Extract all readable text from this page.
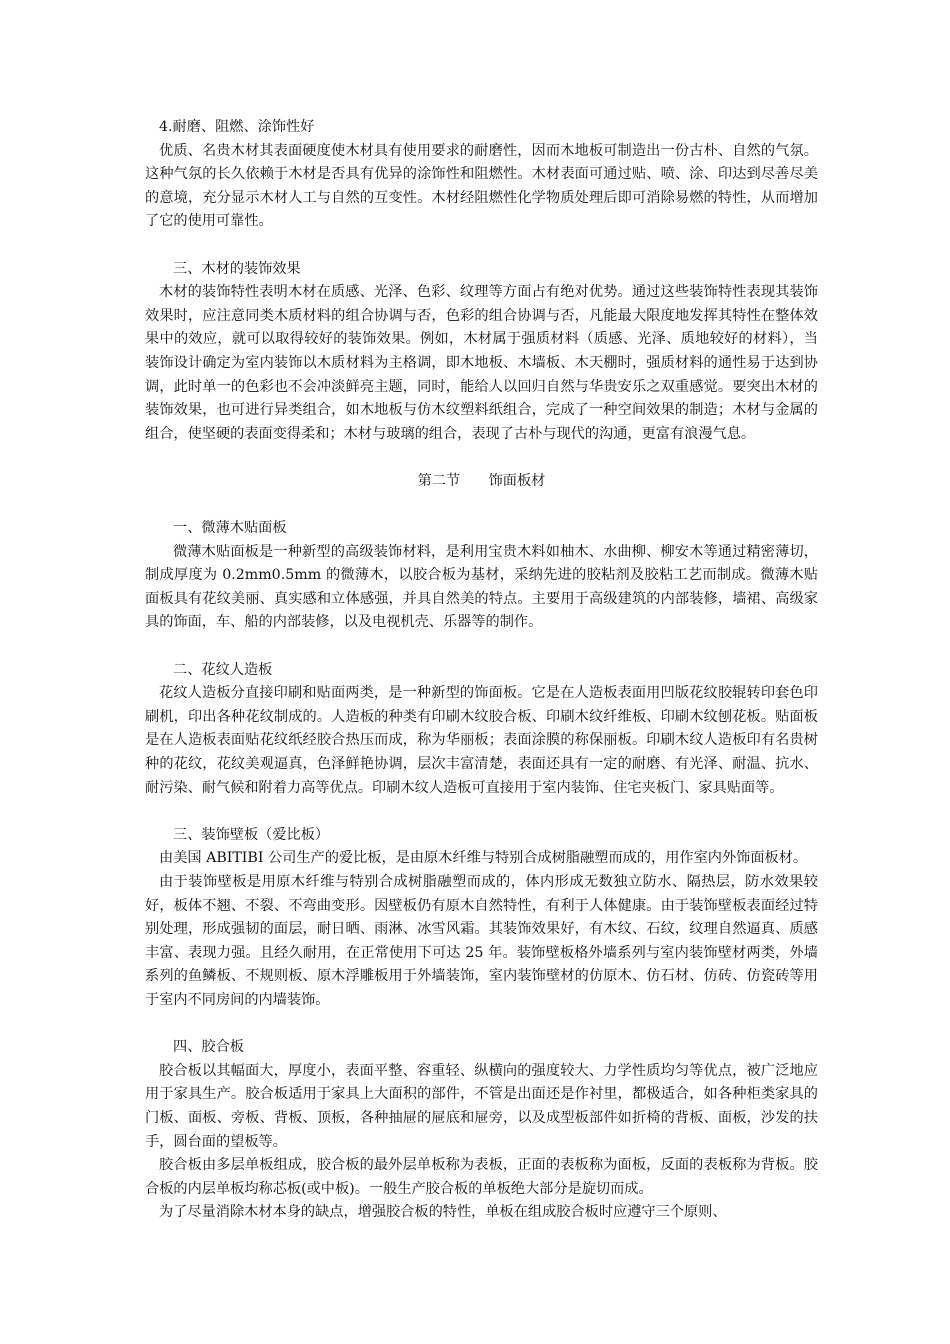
4.耐磨、阻燃、涂饰性好
优质、名贵木材其表面硬度使木材具有使用要求的耐磨性，因而木地板可制造出一份古朴、自然的气氛。这种气氛的长久依赖于木材是否具有优异的涂饰性和阻燃性。木材表面可通过贴、喷、涂、印达到尽善尽美的意境，充分显示木材人工与自然的互变性。木材经阻燃性化学物质处理后即可消除易燃的特性，从而增加了它的使用可靠性。
三、木材的装饰效果
木材的装饰特性表明木材在质感、光泽、色彩、纹理等方面占有绝对优势。通过这些装饰特性表现其装饰效果时，应注意同类木质材料的组合协调与否，色彩的组合协调与否，凡能最大限度地发挥其特性在整体效果中的效应，就可以取得较好的装饰效果。例如，木材属于强质材料（质感、光泽、质地较好的材料），当装饰设计确定为室内装饰以木质材料为主格调，即木地板、木墙板、木天棚时，强质材料的通性易于达到协调，此时单一的色彩也不会冲淡鲜亮主题，同时，能给人以回归自然与华贵安乐之双重感觉。要突出木材的装饰效果，也可进行异类组合，如木地板与仿木纹塑料纸组合，完成了一种空间效果的制造；木材与金属的组合，使坚硬的表面变得柔和；木材与玻璃的组合，表现了古朴与现代的沟通，更富有浪漫气息。
第二节　　饰面板材
一、微薄木贴面板
微薄木贴面板是一种新型的高级装饰材料，是利用宝贵木料如柚木、水曲柳、柳安木等通过精密薄切，制成厚度为 0.2mm0.5mm 的微薄木，以胶合板为基材，采纳先进的胶粘剂及胶粘工艺而制成。微薄木贴面板具有花纹美丽、真实感和立体感强，并具自然美的特点。主要用于高级建筑的内部装修，墙裙、高级家具的饰面，车、船的内部装修，以及电视机壳、乐器等的制作。
二、花纹人造板
花纹人造板分直接印刷和贴面两类，是一种新型的饰面板。它是在人造板表面用凹版花纹胶辊转印套色印刷机，印出各种花纹制成的。人造板的种类有印刷木纹胶合板、印刷木纹纤维板、印刷木纹刨花板。贴面板是在人造板表面贴花纹纸经胶合热压而成，称为华丽板；表面涂膜的称保丽板。印刷木纹人造板印有名贵树种的花纹，花纹美观逼真，色泽鲜艳协调，层次丰富清楚，表面还具有一定的耐磨、有光泽、耐温、抗水、耐污染、耐气候和附着力高等优点。印刷木纹人造板可直接用于室内装饰、住宅夹板门、家具贴面等。
三、装饰壁板（爱比板）
由美国 ABITIBI 公司生产的爱比板，是由原木纤维与特别合成树脂融塑而成的，用作室内外饰面板材。
由于装饰壁板是用原木纤维与特别合成树脂融塑而成的，体内形成无数独立防水、隔热层，防水效果较好，板体不翘、不裂、不弯曲变形。因壁板仍有原木自然特性，有利于人体健康。由于装饰壁板表面经过特别处理，形成强韧的面层，耐日晒、雨淋、冰雪风霜。其装饰效果好，有木纹、石纹，纹理自然逼真、质感丰富、表现力强。且经久耐用，在正常使用下可达 25 年。装饰壁板格外墙系列与室内装饰壁材两类，外墙系列的鱼鳞板、不规则板、原木浮雕板用于外墙装饰，室内装饰壁材的仿原木、仿石材、仿砖、仿瓷砖等用于室内不同房间的内墙装饰。
四、胶合板
胶合板以其幅面大，厚度小，表面平整、容重轻、纵横向的强度较大、力学性质均匀等优点，被广泛地应用于家具生产。胶合板适用于家具上大面积的部件，不管是出面还是作衬里，都极适合，如各种柜类家具的门板、面板、旁板、背板、顶板，各种抽屉的屉底和屉旁，以及成型板部件如折椅的背板、面板，沙发的扶手，圆台面的望板等。
胶合板由多层单板组成，胶合板的最外层单板称为表板，正面的表板称为面板，反面的表板称为背板。胶合板的内层单板均称芯板(或中板)。一般生产胶合板的单板绝大部分是旋切而成。
为了尽量消除木材本身的缺点，增强胶合板的特性，单板在组成胶合板时应遵守三个原则、
